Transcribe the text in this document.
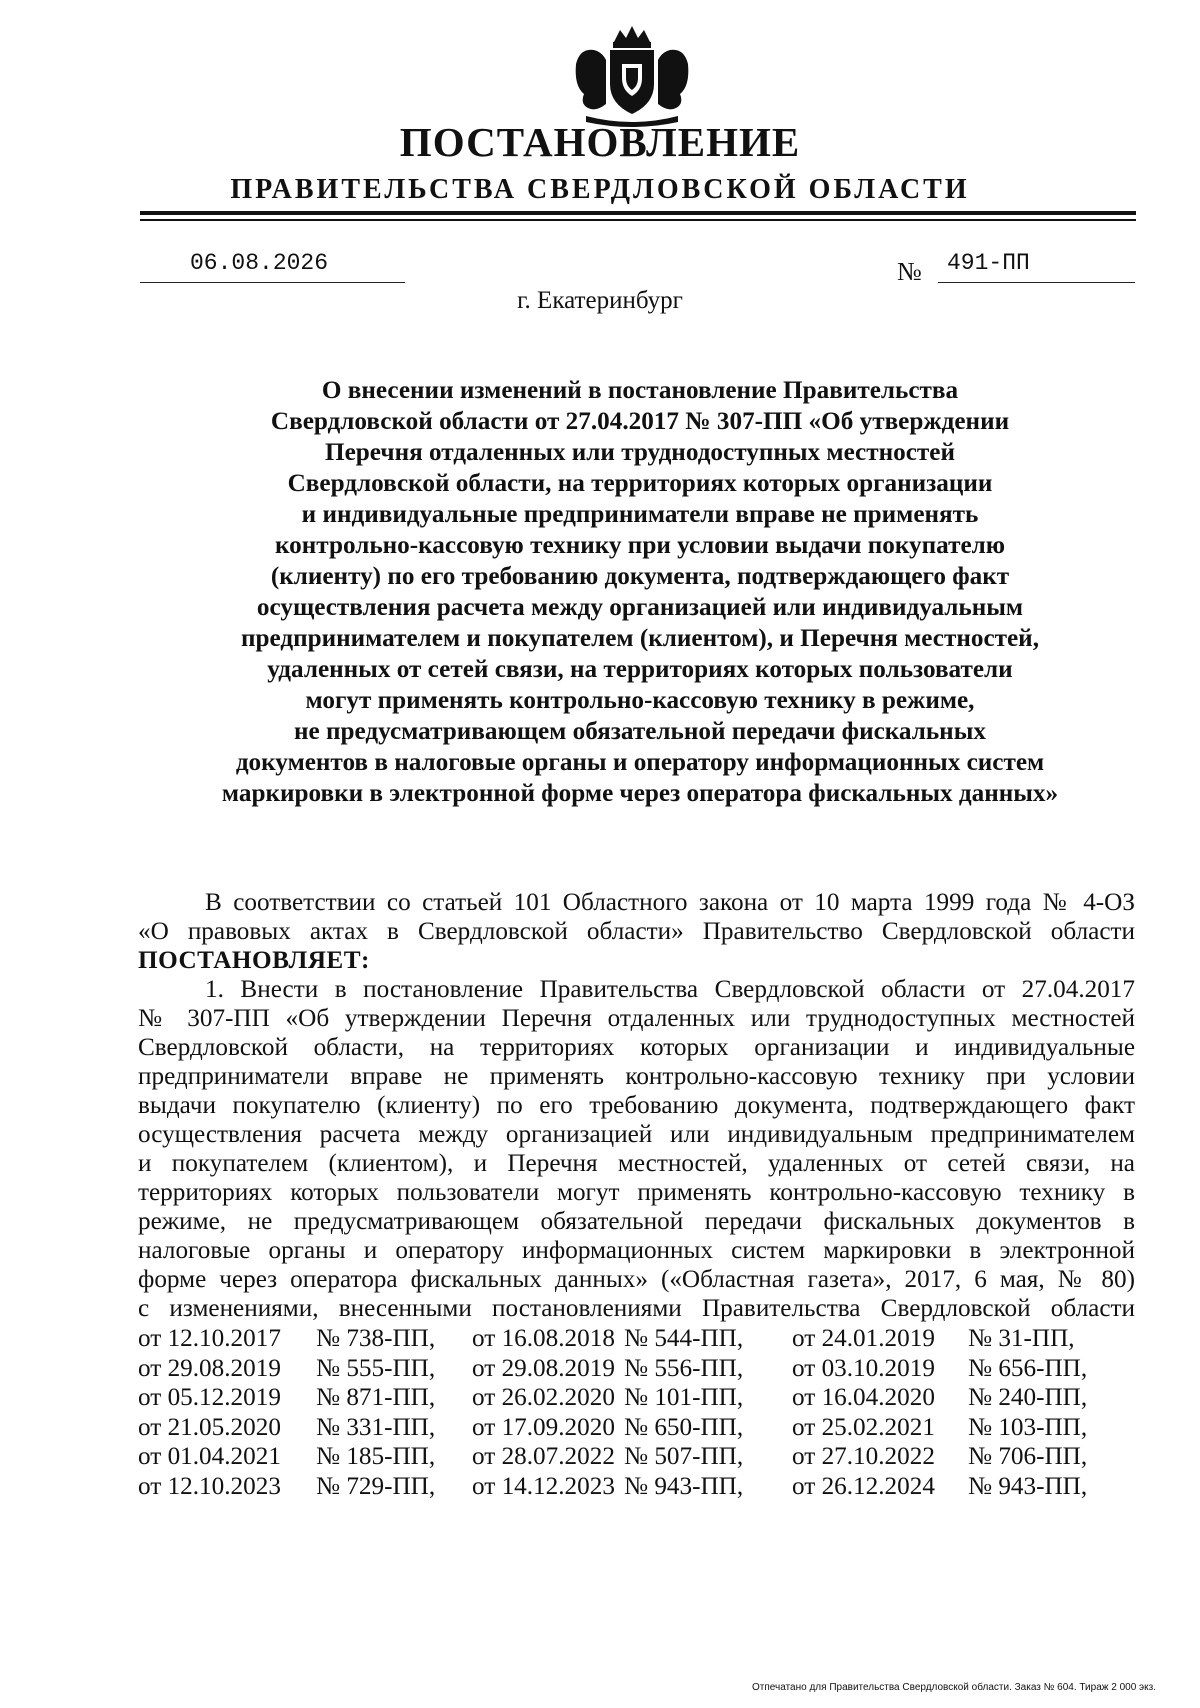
ПОСТАНОВЛЕНИЕ
ПРАВИТЕЛЬСТВА СВЕРДЛОВСКОЙ ОБЛАСТИ
06.08.2026	№ 491-ПП
г. Екатеринбург
О внесении изменений в постановление Правительства
Свердловской области от 27.04.2017 № 307-ПП «Об утверждении
Перечня отдаленных или труднодоступных местностей
Свердловской области, на территориях которых организации
и индивидуальные предприниматели вправе не применять
контрольно-кассовую технику при условии выдачи покупателю
(клиенту) по его требованию документа, подтверждающего факт
осуществления расчета между организацией или индивидуальным
предпринимателем и покупателем (клиентом), и Перечня местностей,
удаленных от сетей связи, на территориях которых пользователи
могут применять контрольно-кассовую технику в режиме,
не предусматривающем обязательной передачи фискальных
документов в налоговые органы и оператору информационных систем
маркировки в электронной форме через оператора фискальных данных»
В соответствии со статьей 101 Областного закона от 10 марта 1999 года № 4-ОЗ
«О правовых актах в Свердловской области» Правительство Свердловской области
ПОСТАНОВЛЯЕТ:
1. Внести в постановление Правительства Свердловской области от 27.04.2017
№ 307-ПП «Об утверждении Перечня отдаленных или труднодоступных местностей
Свердловской области, на территориях которых организации и индивидуальные
предприниматели вправе не применять контрольно-кассовую технику при условии
выдачи покупателю (клиенту) по его требованию документа, подтверждающего факт
осуществления расчета между организацией или индивидуальным предпринимателем
и покупателем (клиентом), и Перечня местностей, удаленных от сетей связи, на
территориях которых пользователи могут применять контрольно-кассовую технику в
режиме, не предусматривающем обязательной передачи фискальных документов в
налоговые органы и оператору информационных систем маркировки в электронной
форме через оператора фискальных данных» («Областная газета», 2017, 6 мая, № 80)
с изменениями, внесенными постановлениями Правительства Свердловской области
от 12.10.2017 № 738-ПП, от 16.08.2018 № 544-ПП, от 24.01.2019 № 31-ПП,
от 29.08.2019 № 555-ПП, от 29.08.2019 № 556-ПП, от 03.10.2019 № 656-ПП,
от 05.12.2019 № 871-ПП, от 26.02.2020 № 101-ПП, от 16.04.2020 № 240-ПП,
от 21.05.2020 № 331-ПП, от 17.09.2020 № 650-ПП, от 25.02.2021 № 103-ПП,
от 01.04.2021 № 185-ПП, от 28.07.2022 № 507-ПП, от 27.10.2022 № 706-ПП,
от 12.10.2023 № 729-ПП, от 14.12.2023 № 943-ПП, от 26.12.2024 № 943-ПП,
Отпечатано для Правительства Свердловской области. Заказ № 604. Тираж 2 000 экз.
